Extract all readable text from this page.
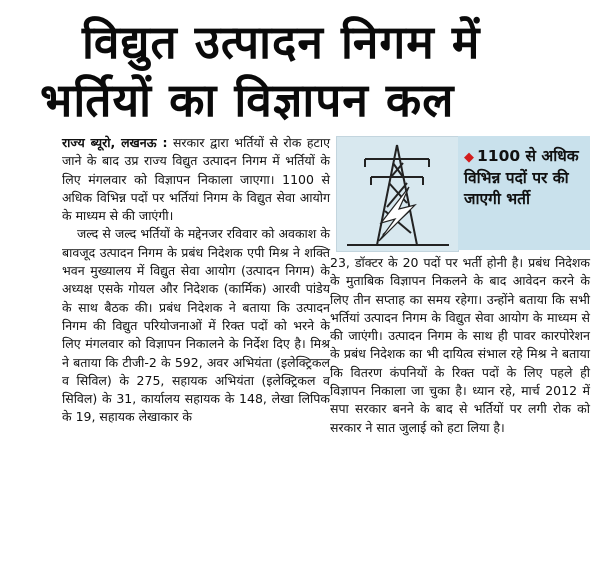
विद्युत उत्पादन निगम में
भर्तियों का विज्ञापन कल

राज्य ब्यूरो, लखनऊ : सरकार द्वारा भर्तियों से रोक हटाए जाने के बाद उप्र राज्य विद्युत उत्पादन निगम में भर्तियों के लिए मंगलवार को विज्ञापन निकाला जाएगा। 1100 से अधिक विभिन्न पदों पर भर्तियां निगम के विद्युत सेवा आयोग के माध्यम से की जाएंगी।

जल्द से जल्द भर्तियों के मद्देनजर रविवार को अवकाश के बावजूद उत्पादन निगम के प्रबंध निदेशक एपी मिश्र ने शक्ति भवन मुख्यालय में विद्युत सेवा आयोग (उत्पादन निगम) के अध्यक्ष एसके गोयल और निदेशक (कार्मिक) आरवी पांडेय के साथ बैठक की। प्रबंध निदेशक ने बताया कि उत्पादन निगम की विद्युत परियोजनाओं में रिक्त पदों को भरने के लिए मंगलवार को विज्ञापन निकालने के निर्देश दिए है। मिश्र ने बताया कि टीजी-2 के 592, अवर अभियंता (इलेक्ट्रिकल व सिविल) के 275, सहायक अभियंता (इलेक्ट्रिकल व सिविल) के 31, कार्यालय सहायक के 148, लेखा लिपिक के 19, सहायक लेखाकार के

◆ 1100 से अधिक विभिन्न पदों पर की जाएगी भर्ती

23, डॉक्टर के 20 पदों पर भर्ती होनी है। प्रबंध निदेशक के मुताबिक विज्ञापन निकलने के बाद आवेदन करने के लिए तीन सप्ताह का समय रहेगा। उन्होंने बताया कि सभी भर्तियां उत्पादन निगम के विद्युत सेवा आयोग के माध्यम से की जाएंगी। उत्पादन निगम के साथ ही पावर कारपोरेशन के प्रबंध निदेशक का भी दायित्व संभाल रहे मिश्र ने बताया कि वितरण कंपनियों के रिक्त पदों के लिए पहले ही विज्ञापन निकाला जा चुका है। ध्यान रहे, मार्च 2012 में सपा सरकार बनने के बाद से भर्तियों पर लगी रोक को सरकार ने सात जुलाई को हटा लिया है।
